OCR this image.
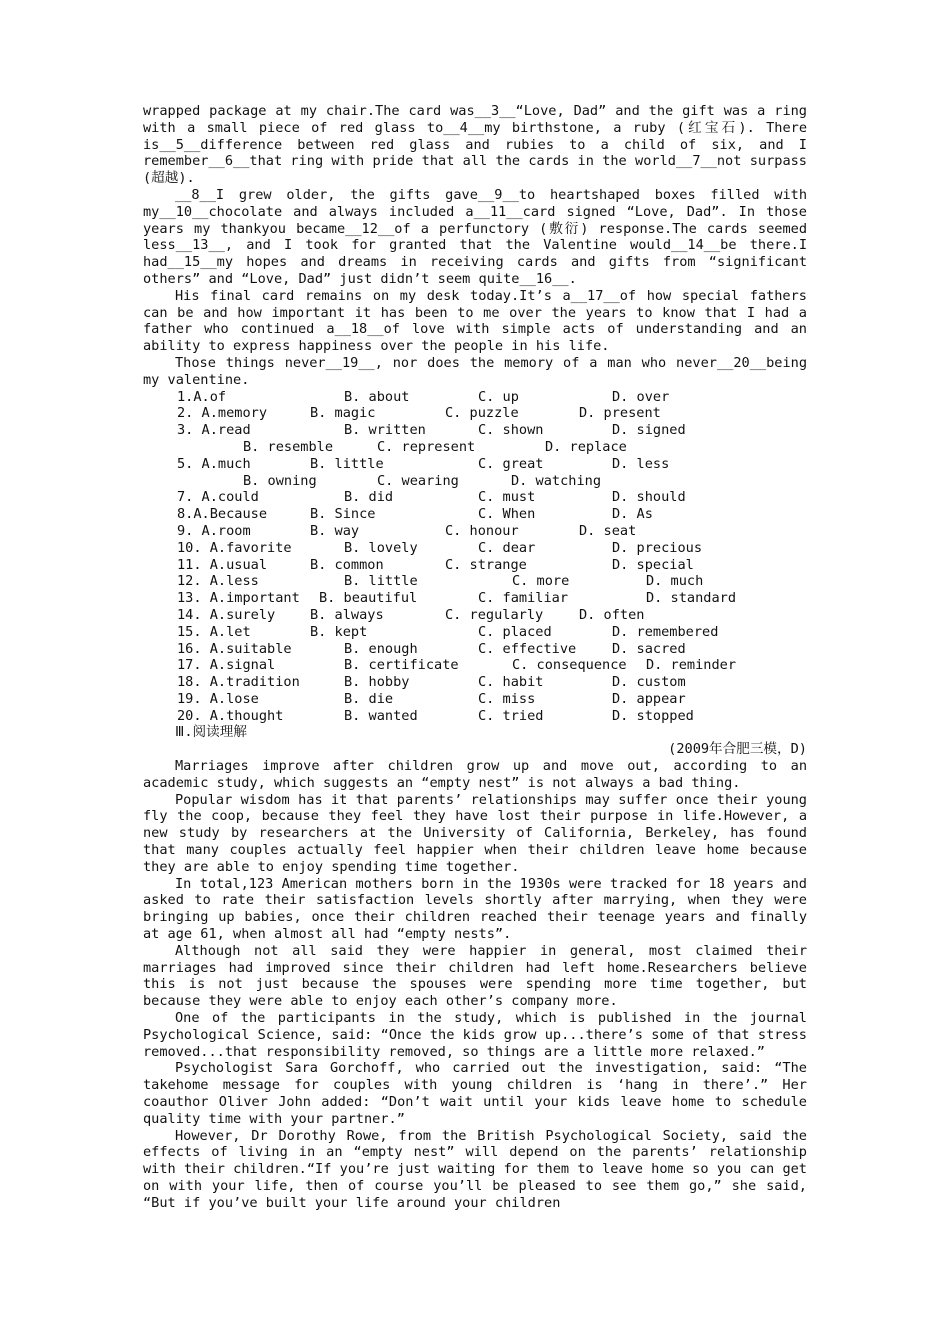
wrapped package at my chair.The card was__3__“Love, Dad” and the gift was a ring with a small piece of red glass to__4__my birthstone, a ruby (红宝石). There is__5__difference between red glass and rubies to a child of six, and I remember__6__that ring with pride that all the cards in the world__7__not surpass (超越).

__8__I grew older, the gifts gave__9__to heartshaped boxes filled with my__10__chocolate and always included a__11__card signed “Love, Dad”. In those years my thankyou became__12__of a perfunctory (敷衍) response.The cards seemed less__13__, and I took for granted that the Valentine would__14__be there.I had__15__my hopes and dreams in receiving cards and gifts from “significant others” and “Love, Dad” just didn’t seem quite__16__.

His final card remains on my desk today.It’s a__17__of how special fathers can be and how important it has been to me over the years to know that I had a father who continued a__18__of love with simple acts of understanding and an ability to express happiness over the people in his life.

Those things never__19__, nor does the memory of a man who never__20__being my valentine.

1.A.of	B. about	C. up	D. over
2. A.memory	B. magic	C. puzzle	D. present
3. A.read	B. written	C. shown	D. signed
B. resemble	C. represent	D. replace
5. A.much	B. little	C. great	D. less
B. owning	C. wearing	D. watching
7. A.could	B. did	C. must	D. should
8.A.Because	B. Since	C. When	D. As
9. A.room	B. way	C. honour	D. seat
10. A.favorite	B. lovely	C. dear	D. precious
11. A.usual	B. common	C. strange	D. special
12. A.less	B. little	C. more	D. much
13. A.important B. beautiful	C. familiar	D. standard
14. A.surely	B. always	C. regularly	D. often
15. A.let	B. kept	C. placed	D. remembered
16. A.suitable	B. enough	C. effective	D. sacred
17. A.signal	B. certificate	C. consequence D. reminder
18. A.tradition	B. hobby	C. habit	D. custom
19. A.lose	B. die	C. miss	D. appear
20. A.thought	B. wanted	C. tried	D. stopped

Ⅲ.阅读理解

(2009年合肥三模，D)

Marriages improve after children grow up and move out, according to an academic study, which suggests an “empty nest” is not always a bad thing.

Popular wisdom has it that parents’ relationships may suffer once their young fly the coop, because they feel they have lost their purpose in life.However, a new study by researchers at the University of California, Berkeley, has found that many couples actually feel happier when their children leave home because they are able to enjoy spending time together.

In total,123 American mothers born in the 1930s were tracked for 18 years and asked to rate their satisfaction levels shortly after marrying, when they were bringing up babies, once their children reached their teenage years and finally at age 61, when almost all had “empty nests”.

Although not all said they were happier in general, most claimed their marriages had improved since their children had left home.Researchers believe this is not just because the spouses were spending more time together, but because they were able to enjoy each other’s company more.

One of the participants in the study, which is published in the journal Psychological Science, said: “Once the kids grow up...there’s some of that stress removed...that responsibility removed, so things are a little more relaxed.”

Psychologist Sara Gorchoff, who carried out the investigation, said: “The takehome message for couples with young children is ‘hang in there’.” Her coauthor Oliver John added: “Don’t wait until your kids leave home to schedule quality time with your partner.”

However, Dr Dorothy Rowe, from the British Psychological Society, said the effects of living in an “empty nest” will depend on the parents’ relationship with their children.“If you’re just waiting for them to leave home so you can get on with your life, then of course you’ll be pleased to see them go,” she said, “But if you’ve built your life around your children
